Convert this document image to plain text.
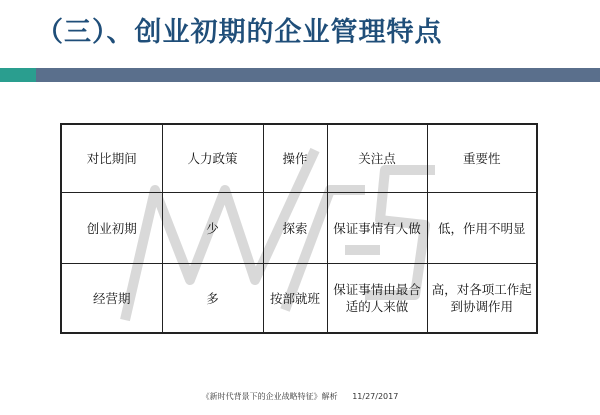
（三）、创业初期的企业管理特点
对比期间	人力政策	操作	关注点	重要性
创业初期	少	探索	保证事情有人做	低，作用不明显
经营期	多	按部就班	保证事情由最合适的人来做	高，对各项工作起到协调作用
《新时代背景下的企业战略特征》解析 11/27/2017
